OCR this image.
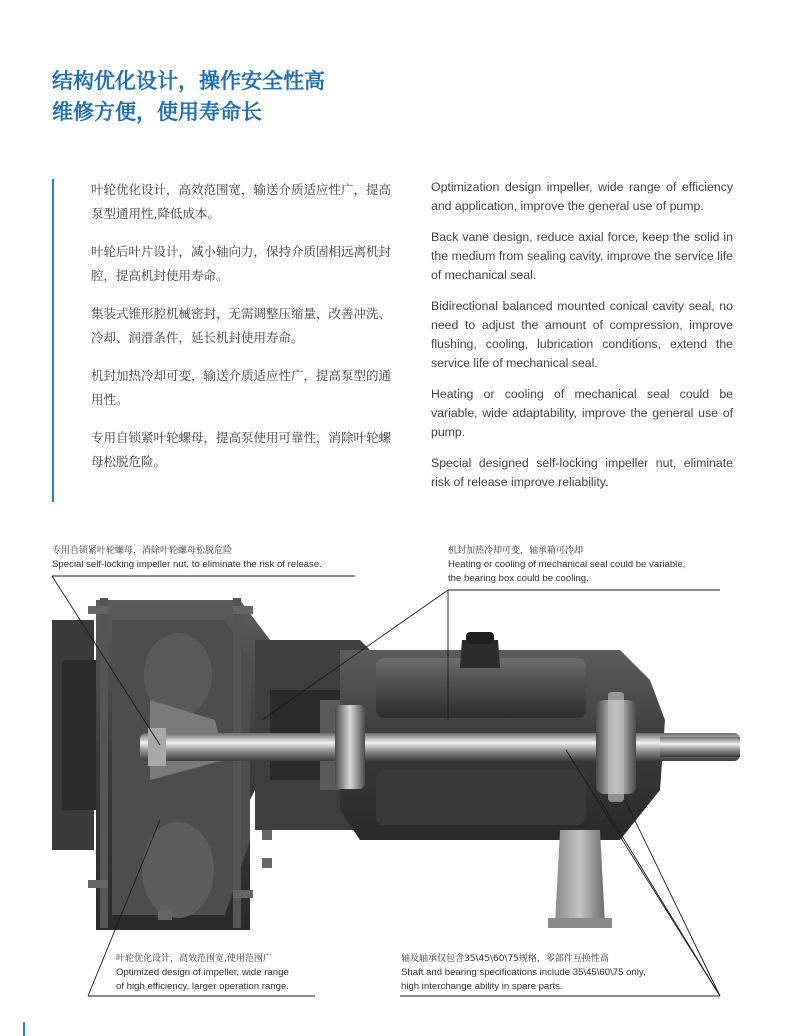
结构优化设计，操作安全性高
维修方便，使用寿命长

叶轮优化设计，高效范围宽，输送介质适应性广，提高泵型通用性,降低成本。

叶轮后叶片设计，减小轴向力，保持介质固相远离机封腔，提高机封使用寿命。

集装式锥形腔机械密封，无需调整压缩量，改善冲洗、冷却、润滑条件，延长机封使用寿命。

机封加热冷却可变，输送介质适应性广，提高泵型的通用性。

专用自锁紧叶轮螺母，提高泵使用可靠性，消除叶轮螺母松脱危险。

Optimization design impeller, wide range of efficiency and application, improve the general use of pump.

Back vane design, reduce axial force, keep the solid in the medium from sealing cavity, improve the service life of mechanical seal.

Bidirectional balanced mounted conical cavity seal, no need to adjust the amount of compression, improve flushing, cooling, lubrication conditions, extend the service life of mechanical seal.

Heating or cooling of mechanical seal could be variable, wide adaptability, improve the general use of pump.

Special designed self-locking impeller nut, eliminate risk of release improve reliability.

专用自锁紧叶轮螺母，消除叶轮螺母松脱危险
Special self-locking impeller nut, to eliminate the risk of release.
机封加热冷却可变，轴承箱可冷却
Heating or cooling of mechanical seal could be variable,
the bearing box could be cooling.
叶轮优化设计，高效范围宽,使用范围广
Optimized design of impeller, wide range
of high efficiency, larger operation range.
轴及轴承仅包含35\45\60\75规格，零部件互换性高
Shaft and bearing specifications include 35\45\60\75 only,
high interchange ability in spare parts.
